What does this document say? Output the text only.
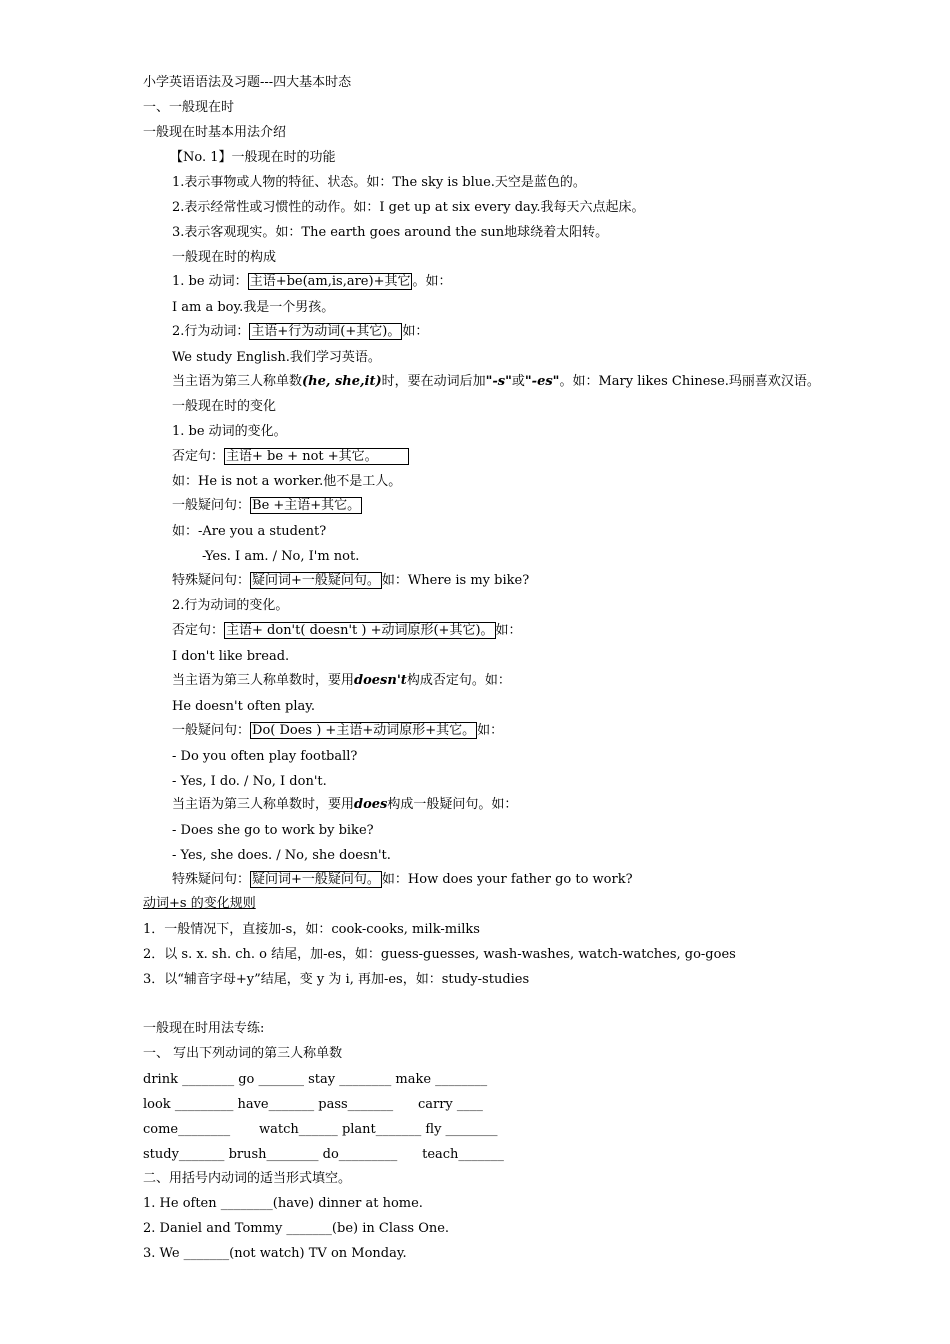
小学英语语法及习题---四大基本时态
一、一般现在时
一般现在时基本用法介绍
【No. 1】一般现在时的功能
1.表示事物或人物的特征、状态。如：The sky is blue.天空是蓝色的。
2.表示经常性或习惯性的动作。如：I get up at six every day.我每天六点起床。
3.表示客观现实。如：The earth goes around the sun地球绕着太阳转。
一般现在时的构成
1. be 动词： 主语+be(am,is,are)+其它 。如：
I am a boy.我是一个男孩。
2.行为动词： 主语+行为动词(+其它)。 如：
We study English.我们学习英语。
当主语为第三人称单数(he, she,it)时，要在动词后加"-s"或"-es"。如：Mary likes Chinese.玛丽喜欢汉语。
一般现在时的变化
1. be 动词的变化。
否定句： 主语+ be + not +其它。
如：He is not a worker.他不是工人。
一般疑问句： Be +主语+其它。
如：-Are you a student?
-Yes. I am. / No, I'm not.
特殊疑问句： 疑问词+一般疑问句。 如：Where is my bike?
2.行为动词的变化。
否定句： 主语+ don't( doesn't ) +动词原形(+其它)。 如：
I don't like bread.
当主语为第三人称单数时，要用doesn't构成否定句。如：
He doesn't often play.
一般疑问句： Do( Does ) +主语+动词原形+其它。 如：
- Do you often play football?
- Yes, I do. / No, I don't.
当主语为第三人称单数时，要用does构成一般疑问句。如：
- Does she go to work by bike?
- Yes, she does. / No, she doesn't.
特殊疑问句： 疑问词+一般疑问句。 如：How does your father go to work?
动词+s 的变化规则
1．一般情况下，直接加-s，如：cook-cooks, milk-milks
2．以 s. x. sh. ch. o 结尾，加-es，如：guess-guesses, wash-washes, watch-watches, go-goes
3．以“辅音字母+y”结尾，变 y 为 i, 再加-es，如：study-studies
一般现在时用法专练:
一、 写出下列动词的第三人称单数
drink ________ go _______ stay ________ make ________
look _________ have_______ pass_______      carry ____
come________       watch______ plant_______ fly ________
study_______ brush________ do_________      teach_______
二、用括号内动词的适当形式填空。
1. He often ________(have) dinner at home.
2. Daniel and Tommy _______(be) in Class One.
3. We _______(not watch) TV on Monday.
